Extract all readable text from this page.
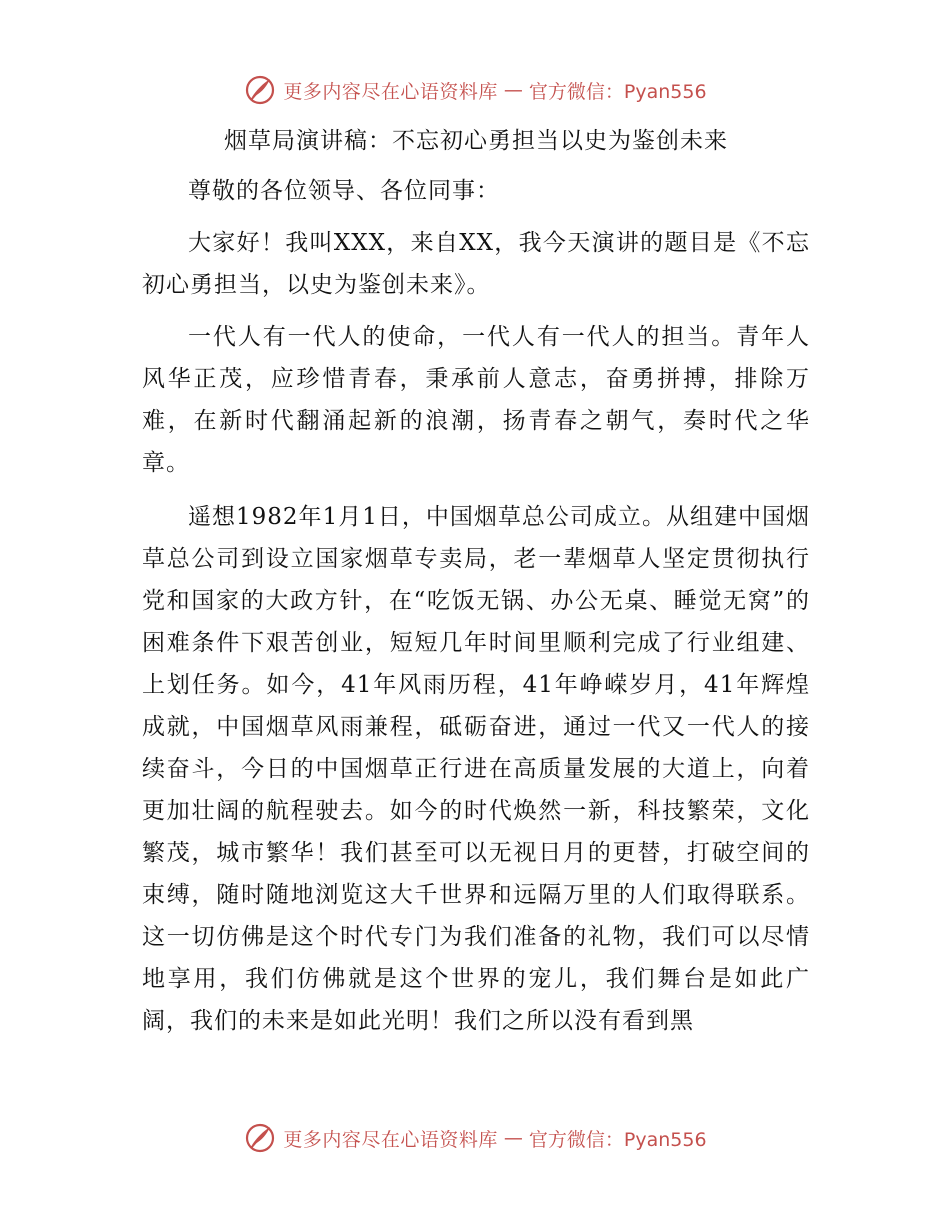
更多内容尽在心语资料库 — 官方微信：Pyan556
烟草局演讲稿：不忘初心勇担当以史为鉴创未来

尊敬的各位领导、各位同事：

大家好！我叫XXX，来自XX，我今天演讲的题目是《不忘初心勇担当，以史为鉴创未来》。

一代人有一代人的使命，一代人有一代人的担当。青年人风华正茂，应珍惜青春，秉承前人意志，奋勇拼搏，排除万难，在新时代翻涌起新的浪潮，扬青春之朝气，奏时代之华章。

遥想1982年1月1日，中国烟草总公司成立。从组建中国烟草总公司到设立国家烟草专卖局，老一辈烟草人坚定贯彻执行党和国家的大政方针，在“吃饭无锅、办公无桌、睡觉无窝”的困难条件下艰苦创业，短短几年时间里顺利完成了行业组建、上划任务。如今，41年风雨历程，41年峥嵘岁月，41年辉煌成就，中国烟草风雨兼程，砥砺奋进，通过一代又一代人的接续奋斗，今日的中国烟草正行进在高质量发展的大道上，向着更加壮阔的航程驶去。如今的时代焕然一新，科技繁荣，文化繁茂，城市繁华！我们甚至可以无视日月的更替，打破空间的束缚，随时随地浏览这大千世界和远隔万里的人们取得联系。这一切仿佛是这个时代专门为我们准备的礼物，我们可以尽情地享用，我们仿佛就是这个世界的宠儿，我们舞台是如此广阔，我们的未来是如此光明！我们之所以没有看到黑

更多内容尽在心语资料库 — 官方微信：Pyan556
